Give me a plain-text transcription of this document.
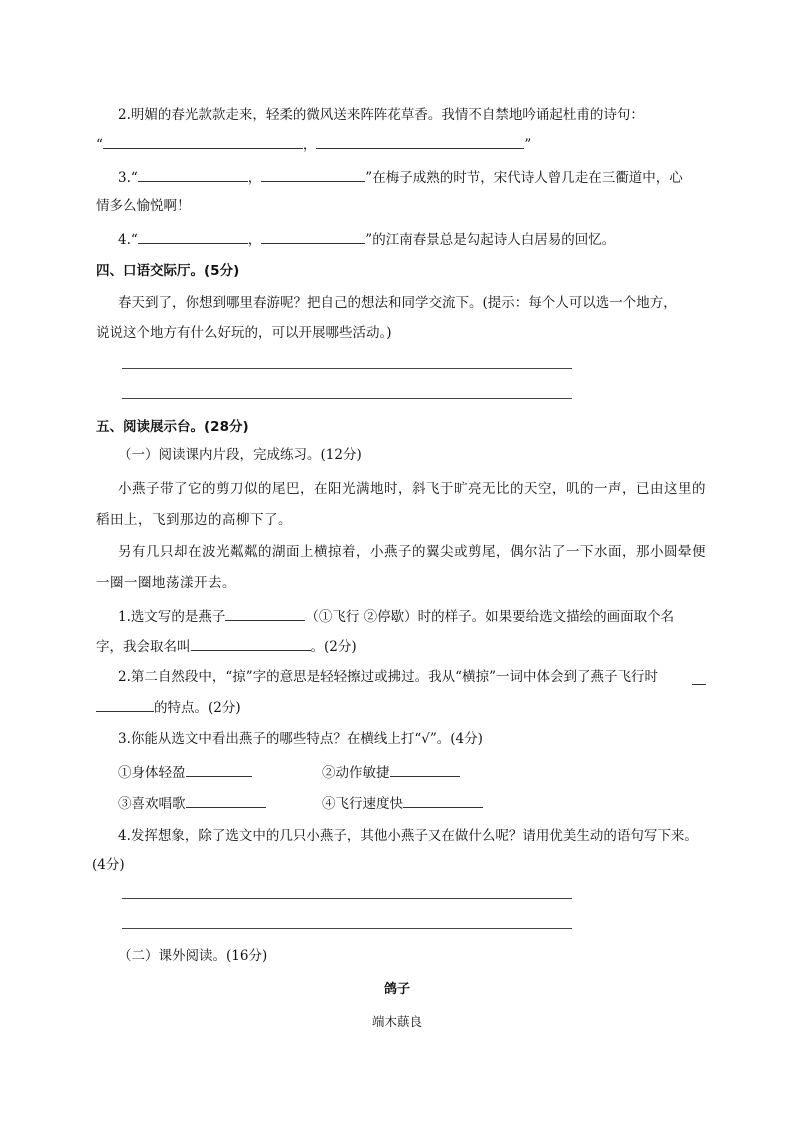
2.明媚的春光款款走来，轻柔的微风送来阵阵花草香。我情不自禁地吟诵起杜甫的诗句：
“	，	”
3.“	，	”在梅子成熟的时节，宋代诗人曾几走在三衢道中，心
情多么愉悦啊！
4.“	，	”的江南春景总是勾起诗人白居易的回忆。
四、口语交际厅。(5分)
春天到了，你想到哪里春游呢？把自己的想法和同学交流下。(提示：每个人可以选一个地方，
说说这个地方有什么好玩的，可以开展哪些活动。)
五、阅读展示台。(28分)
（一）阅读课内片段，完成练习。(12分)
小燕子带了它的剪刀似的尾巴，在阳光满地时，斜飞于旷亮无比的天空，叽的一声，已由这里的
稻田上，飞到那边的高柳下了。
另有几只却在波光粼粼的湖面上横掠着，小燕子的翼尖或剪尾，偶尔沾了一下水面，那小圆晕便
一圈一圈地荡漾开去。
1.选文写的是燕子	（①飞行 ②停歇）时的样子。如果要给选文描绘的画面取个名
字，我会取名叫	。(2分)
2.第二自然段中，“掠”字的意思是轻轻擦过或拂过。我从“横掠”一词中体会到了燕子飞行时
的特点。(2分)
3.你能从选文中看出燕子的哪些特点？在横线上打“√”。(4分)
①身体轻盈	②动作敏捷
③喜欢唱歌	④飞行速度快
4.发挥想象，除了选文中的几只小燕子，其他小燕子又在做什么呢？请用优美生动的语句写下来。
(4分)
（二）课外阅读。(16分)
鸽子
端木蕻良
